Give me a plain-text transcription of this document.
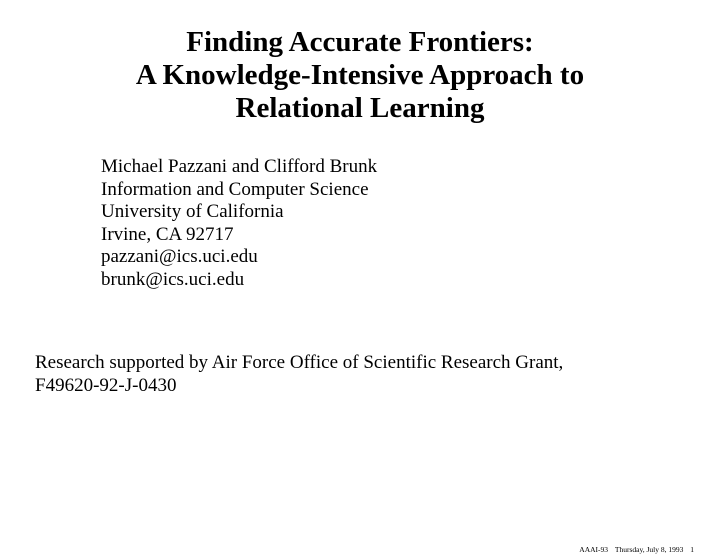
Finding Accurate Frontiers:
A Knowledge-Intensive Approach to
Relational Learning
Michael Pazzani and Clifford Brunk
Information and Computer Science
University of California
Irvine, CA 92717
pazzani@ics.uci.edu
brunk@ics.uci.edu
Research supported by Air Force Office of Scientific Research Grant,
F49620-92-J-0430
AAAI-93 Thursday, July 8, 1993 1
